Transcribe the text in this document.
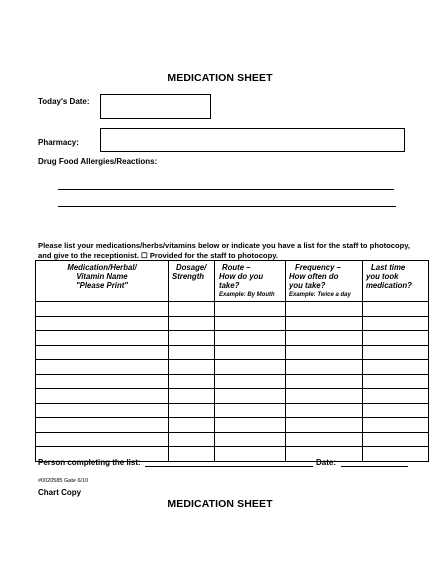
MEDICATION SHEET
Today's Date:
Pharmacy:
Drug Food Allergies/Reactions:
Please list your medications/herbs/vitamins below or indicate you have a list for the staff to photocopy,
and give to the receptionist. ☐ Provided for the staff to photocopy.
Medication/Herbal/
Vitamin Name
"Please Print"	Dosage/
Strength	Route –
How do you
take?
Example: By Mouth	Frequency –
How often do
you take?
Example: Twice a day	Last time
you took
medication?

Person completing the list:	Date:
#0020585 Gate 6/10
Chart Copy
MEDICATION SHEET
